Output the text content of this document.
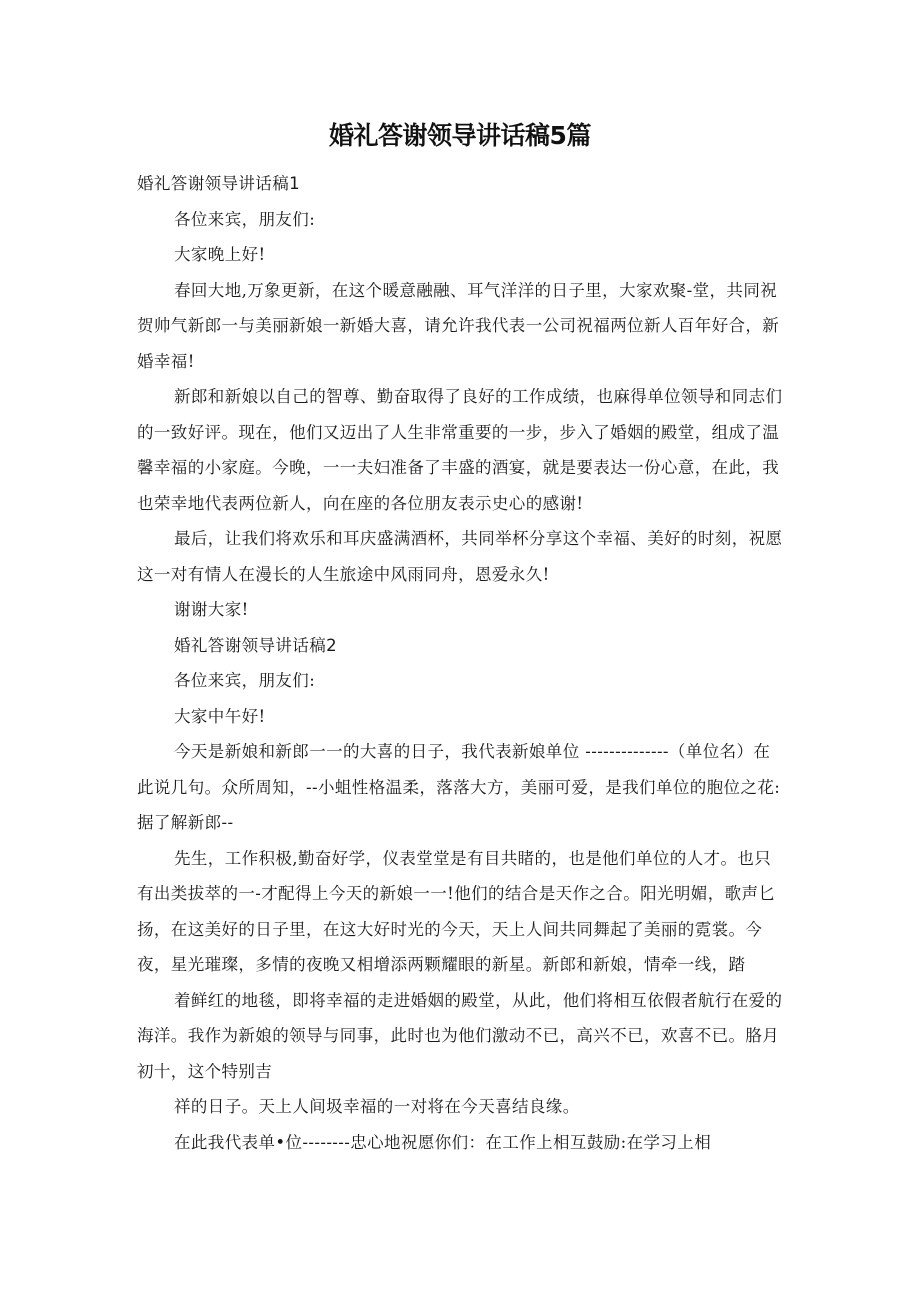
婚礼答谢领导讲话稿5篇

婚礼答谢领导讲话稿1

各位来宾，朋友们:

大家晚上好!

春回大地,万象更新，在这个暖意融融、耳气洋洋的日子里，大家欢聚-堂，共同祝贺帅气新郎一与美丽新娘一新婚大喜，请允许我代表一公司祝福两位新人百年好合，新婚幸福!

新郎和新娘以自己的智尊、勤奋取得了良好的工作成绩，也麻得单位领导和同志们的一致好评。现在，他们又迈出了人生非常重要的一步，步入了婚姻的殿堂，组成了温馨幸福的小家庭。今晚，一一夫妇准备了丰盛的酒宴，就是要表达一份心意，在此，我也荣幸地代表两位新人，向在座的各位朋友表示史心的感谢!

最后，让我们将欢乐和耳庆盛满酒杯，共同举杯分享这个幸福、美好的时刻，祝愿这一对有情人在漫长的人生旅途中风雨同舟，恩爱永久!

谢谢大家!

婚礼答谢领导讲话稿2

各位来宾，朋友们:

大家中午好!

今天是新娘和新郎一一的大喜的日子，我代表新娘单位 --------------（单位名）在此说几句。众所周知，--小蛆性格温柔，落落大方，美丽可爱，是我们单位的胞位之花:据了解新郎--

先生，工作积极,勤奋好学，仪表堂堂是有目共睹的，也是他们单位的人才。也只有出类拔萃的一-才配得上今天的新娘一一!他们的结合是天作之合。阳光明媚，歌声匕扬，在这美好的日子里，在这大好时光的今天，天上人间共同舞起了美丽的霓裳。今夜，星光璀璨，多情的夜晚又相增添两颗耀眼的新星。新郎和新娘，情牵一线，踏

着鲜红的地毯，即将幸福的走进婚姻的殿堂，从此，他们将相互依假者航行在爱的海洋。我作为新娘的领导与同事，此时也为他们激动不已，高兴不已，欢喜不已。胳月初十，这个特别吉

祥的日子。天上人间圾幸福的一对将在今天喜结良缘。

在此我代表单•位--------忠心地祝愿你们：在工作上相互鼓励:在学习上相
